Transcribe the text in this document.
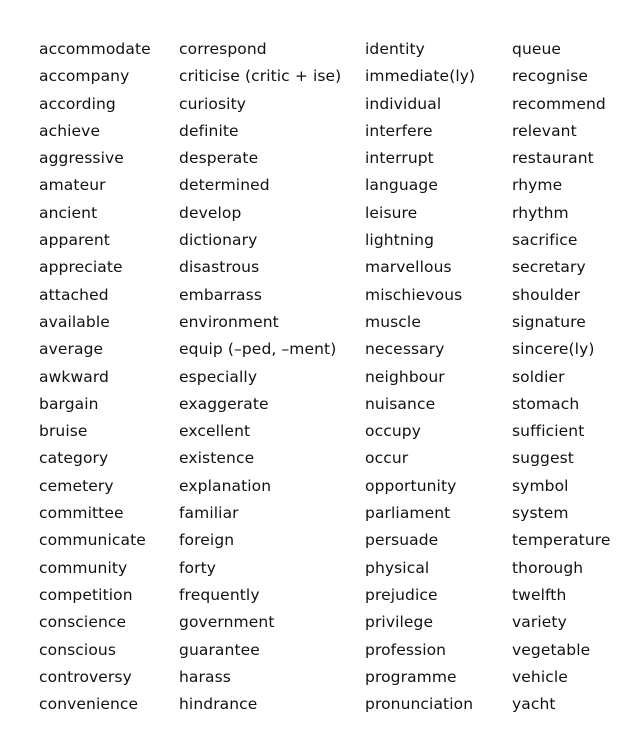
accommodate
accompany
according
achieve
aggressive
amateur
ancient
apparent
appreciate
attached
available
average
awkward
bargain
bruise
category
cemetery
committee
communicate
community
competition
conscience
conscious
controversy
convenience
correspond
criticise (critic + ise)
curiosity
definite
desperate
determined
develop
dictionary
disastrous
embarrass
environment
equip (–ped, –ment)
especially
exaggerate
excellent
existence
explanation
familiar
foreign
forty
frequently
government
guarantee
harass
hindrance
identity
immediate(ly)
individual
interfere
interrupt
language
leisure
lightning
marvellous
mischievous
muscle
necessary
neighbour
nuisance
occupy
occur
opportunity
parliament
persuade
physical
prejudice
privilege
profession
programme
pronunciation
queue
recognise
recommend
relevant
restaurant
rhyme
rhythm
sacrifice
secretary
shoulder
signature
sincere(ly)
soldier
stomach
sufficient
suggest
symbol
system
temperature
thorough
twelfth
variety
vegetable
vehicle
yacht
